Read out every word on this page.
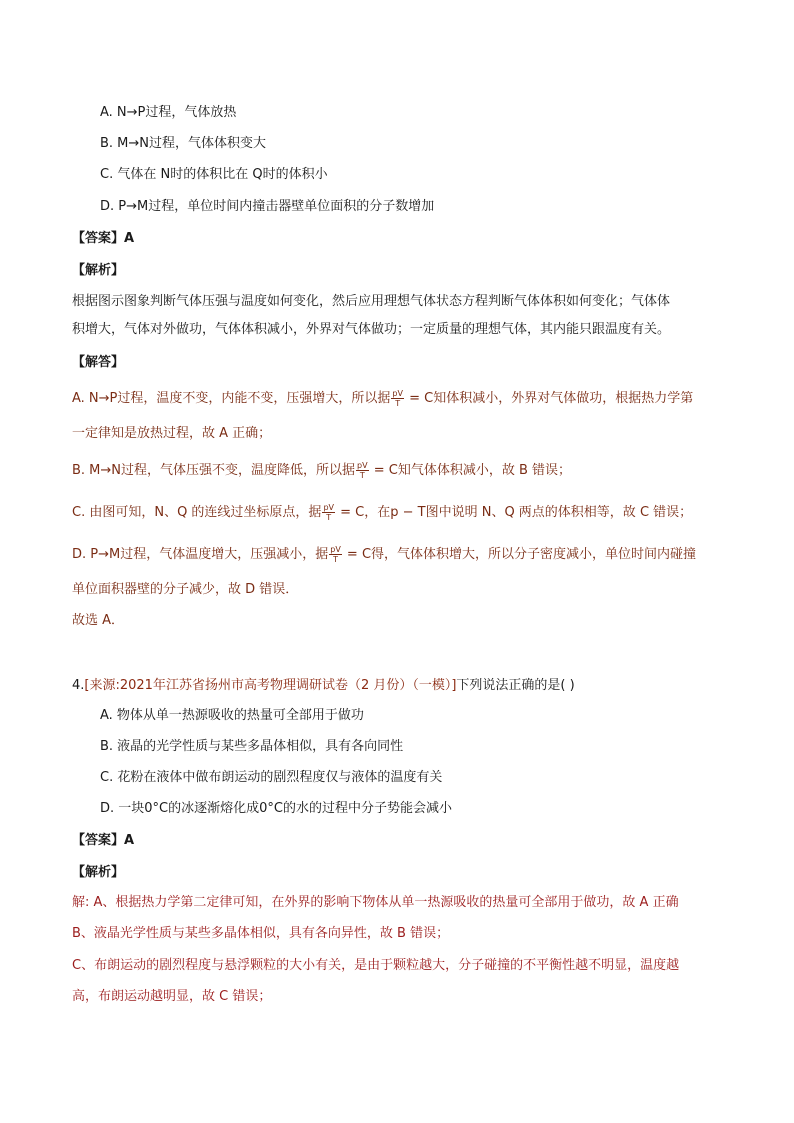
A. N→P过程，气体放热
B. M→N过程，气体体积变大
C. 气体在 N时的体积比在 Q时的体积小
D. P→M过程，单位时间内撞击器壁单位面积的分子数增加
【答案】A
【解析】
根据图示图象判断气体压强与温度如何变化，然后应用理想气体状态方程判断气体体积如何变化；气体体
积增大，气体对外做功，气体体积减小，外界对气体做功；一定质量的理想气体，其内能只跟温度有关。
【解答】
A. N→P过程，温度不变，内能不变，压强增大，所以据 $\frac{pV}{T} = C$知体积减小，外界对气体做功，根据热力学第
一定律知是放热过程，故 A 正确；
B. M→N过程，气体压强不变，温度降低，所以据 $\frac{pV}{T} = C$知气体体积减小，故 B 错误；
C. 由图可知，N、Q 的连线过坐标原点，据 $\frac{pV}{T} = C$，在p − T图中说明 N、Q 两点的体积相等，故 C 错误；
D. P→M过程，气体温度增大，压强减小，据 $\frac{pV}{T} = C$得，气体体积增大，所以分子密度减小，单位时间内碰撞
单位面积器壁的分子减少，故 D 错误．
故选 A．
4.[来源:2021年江苏省扬州市高考物理调研试卷（2 月份）（一模）]下列说法正确的是( )
A. 物体从单一热源吸收的热量可全部用于做功
B. 液晶的光学性质与某些多晶体相似，具有各向同性
C. 花粉在液体中做布朗运动的剧烈程度仅与液体的温度有关
D. 一块0°C的冰逐渐熔化成0°C的水的过程中分子势能会减小
【答案】A
【解析】
解: A、根据热力学第二定律可知，在外界的影响下物体从单一热源吸收的热量可全部用于做功，故 A 正确
B、液晶光学性质与某些多晶体相似，具有各向异性，故 B 错误；
C、布朗运动的剧烈程度与悬浮颗粒的大小有关，是由于颗粒越大，分子碰撞的不平衡性越不明显，温度越
高，布朗运动越明显，故 C 错误；
